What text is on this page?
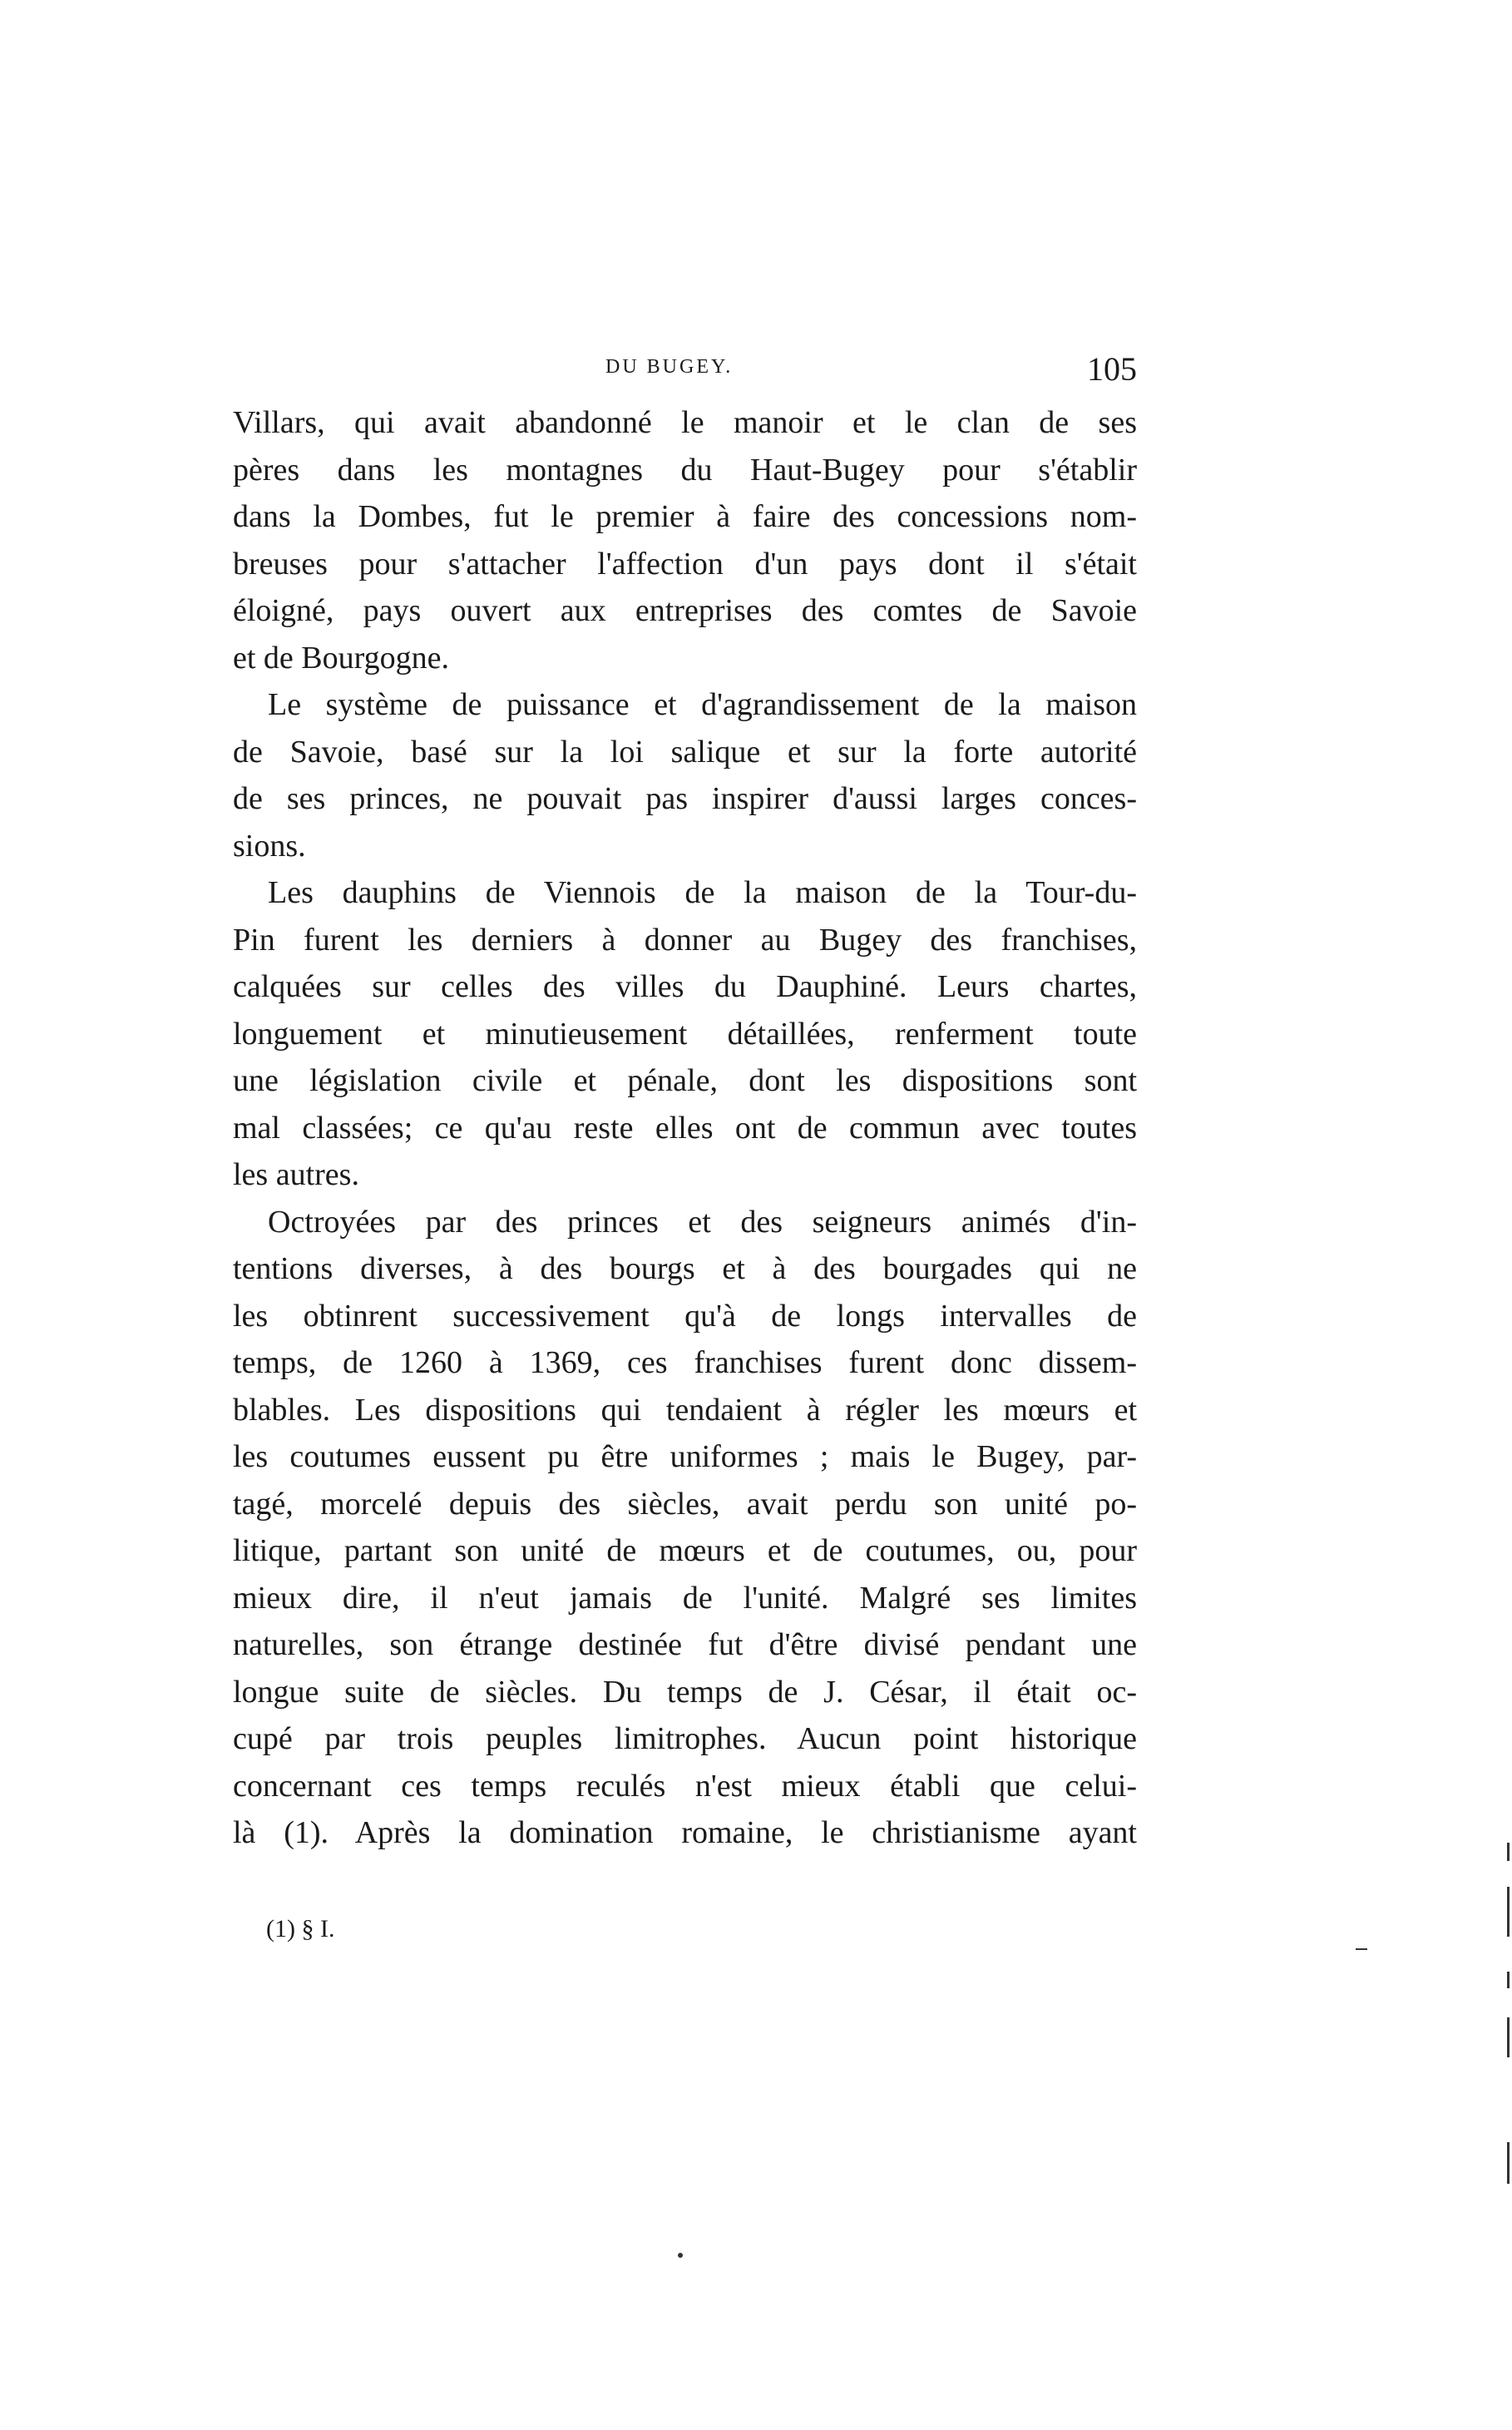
DU BUGEY.	105
Villars, qui avait abandonné le manoir et le clan de ses
pères dans les montagnes du Haut-Bugey pour s'établir
dans la Dombes, fut le premier à faire des concessions nom-
breuses pour s'attacher l'affection d'un pays dont il s'était
éloigné, pays ouvert aux entreprises des comtes de Savoie
et de Bourgogne.
Le système de puissance et d'agrandissement de la maison
de Savoie, basé sur la loi salique et sur la forte autorité
de ses princes, ne pouvait pas inspirer d'aussi larges conces-
sions.
Les dauphins de Viennois de la maison de la Tour-du-
Pin furent les derniers à donner au Bugey des franchises,
calquées sur celles des villes du Dauphiné. Leurs chartes,
longuement et minutieusement détaillées, renferment toute
une législation civile et pénale, dont les dispositions sont
mal classées; ce qu'au reste elles ont de commun avec toutes
les autres.
Octroyées par des princes et des seigneurs animés d'in-
tentions diverses, à des bourgs et à des bourgades qui ne
les obtinrent successivement qu'à de longs intervalles de
temps, de 1260 à 1369, ces franchises furent donc dissem-
blables. Les dispositions qui tendaient à régler les mœurs et
les coutumes eussent pu être uniformes ; mais le Bugey, par-
tagé, morcelé depuis des siècles, avait perdu son unité po-
litique, partant son unité de mœurs et de coutumes, ou, pour
mieux dire, il n'eut jamais de l'unité. Malgré ses limites
naturelles, son étrange destinée fut d'être divisé pendant une
longue suite de siècles. Du temps de J. César, il était oc-
cupé par trois peuples limitrophes. Aucun point historique
concernant ces temps reculés n'est mieux établi que celui-
là (1). Après la domination romaine, le christianisme ayant
(1) § I.
